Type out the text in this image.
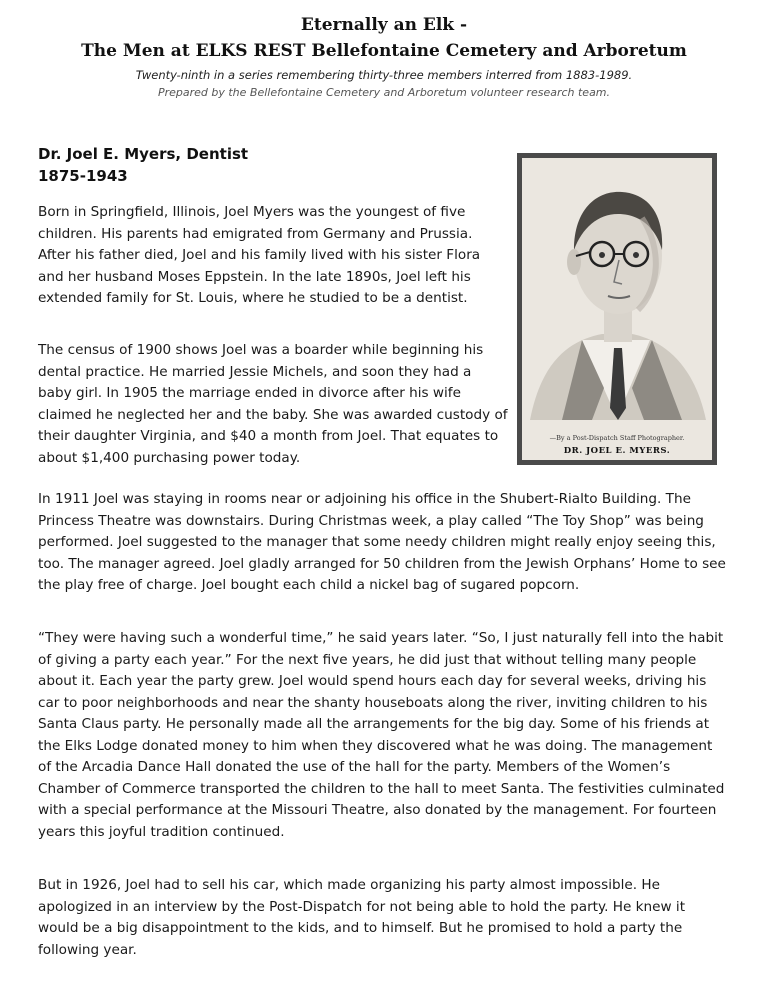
Eternally an Elk -
The Men at ELKS REST Bellefontaine Cemetery and Arboretum
Twenty-ninth in a series remembering thirty-three members interred from 1883-1989.
Prepared by the Bellefontaine Cemetery and Arboretum volunteer research team.
Dr. Joel E. Myers, Dentist
1875-1943
—By a Post-Dispatch Staff Photographer.
DR. JOEL E. MYERS.

Born in Springfield, Illinois, Joel Myers was the youngest of five children. His parents had emigrated from Germany and Prussia. After his father died, Joel and his family lived with his sister Flora and her husband Moses Eppstein. In the late 1890s, Joel left his extended family for St. Louis, where he studied to be a dentist.

The census of 1900 shows Joel was a boarder while beginning his dental practice. He married Jessie Michels, and soon they had a baby girl. In 1905 the marriage ended in divorce after his wife claimed he neglected her and the baby. She was awarded custody of their daughter Virginia, and $40 a month from Joel. That equates to about $1,400 purchasing power today.

In 1911 Joel was staying in rooms near or adjoining his office in the Shubert-Rialto Building. The Princess Theatre was downstairs. During Christmas week, a play called “The Toy Shop” was being performed. Joel suggested to the manager that some needy children might really enjoy seeing this, too. The manager agreed. Joel gladly arranged for 50 children from the Jewish Orphans’ Home to see the play free of charge. Joel bought each child a nickel bag of sugared popcorn.

“They were having such a wonderful time,” he said years later. “So, I just naturally fell into the habit of giving a party each year.” For the next five years, he did just that without telling many people about it. Each year the party grew. Joel would spend hours each day for several weeks, driving his car to poor neighborhoods and near the shanty houseboats along the river, inviting children to his Santa Claus party. He personally made all the arrangements for the big day. Some of his friends at the Elks Lodge donated money to him when they discovered what he was doing. The management of the Arcadia Dance Hall donated the use of the hall for the party. Members of the Women’s Chamber of Commerce transported the children to the hall to meet Santa. The festivities culminated with a special performance at the Missouri Theatre, also donated by the management. For fourteen years this joyful tradition continued.

But in 1926, Joel had to sell his car, which made organizing his party almost impossible. He apologized in an interview by the Post-Dispatch for not being able to hold the party. He knew it would be a big disappointment to the kids, and to himself. But he promised to hold a party the following year.
